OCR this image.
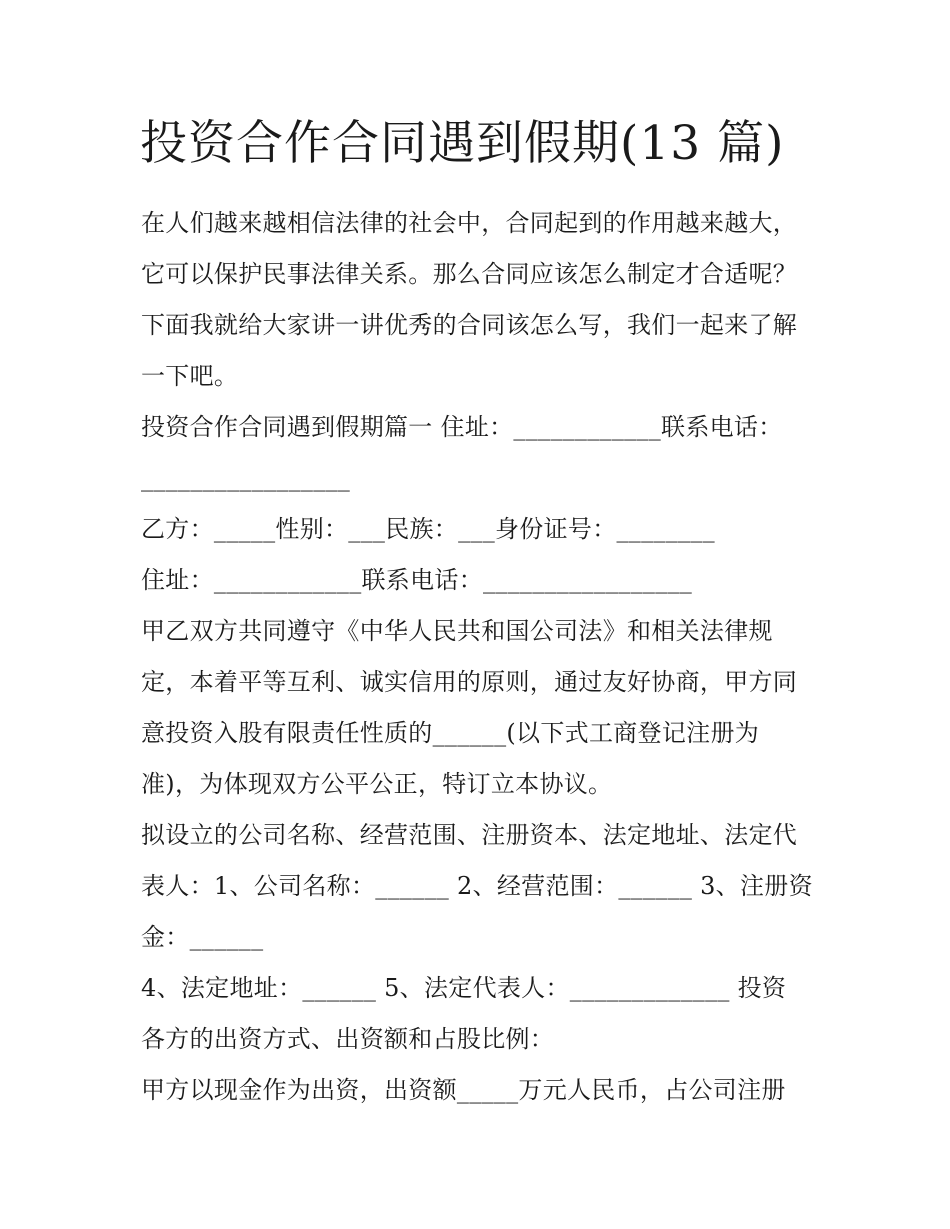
投资合作合同遇到假期(13 篇)
在人们越来越相信法律的社会中，合同起到的作用越来越大，
它可以保护民事法律关系。那么合同应该怎么制定才合适呢？
下面我就给大家讲一讲优秀的合同该怎么写，我们一起来了解
一下吧。
投资合作合同遇到假期篇一 住址：____________联系电话：
_________________
乙方：_____性别：___民族：___身份证号：________
住址：____________联系电话：_________________
甲乙双方共同遵守《中华人民共和国公司法》和相关法律规
定，本着平等互利、诚实信用的原则，通过友好协商，甲方同
意投资入股有限责任性质的______(以下式工商登记注册为
准)，为体现双方公平公正，特订立本协议。
拟设立的公司名称、经营范围、注册资本、法定地址、法定代
表人：1、公司名称：______ 2、经营范围：______ 3、注册资
金：______
4、法定地址：______ 5、法定代表人：_____________ 投资
各方的出资方式、出资额和占股比例：
甲方以现金作为出资，出资额_____万元人民币，占公司注册
